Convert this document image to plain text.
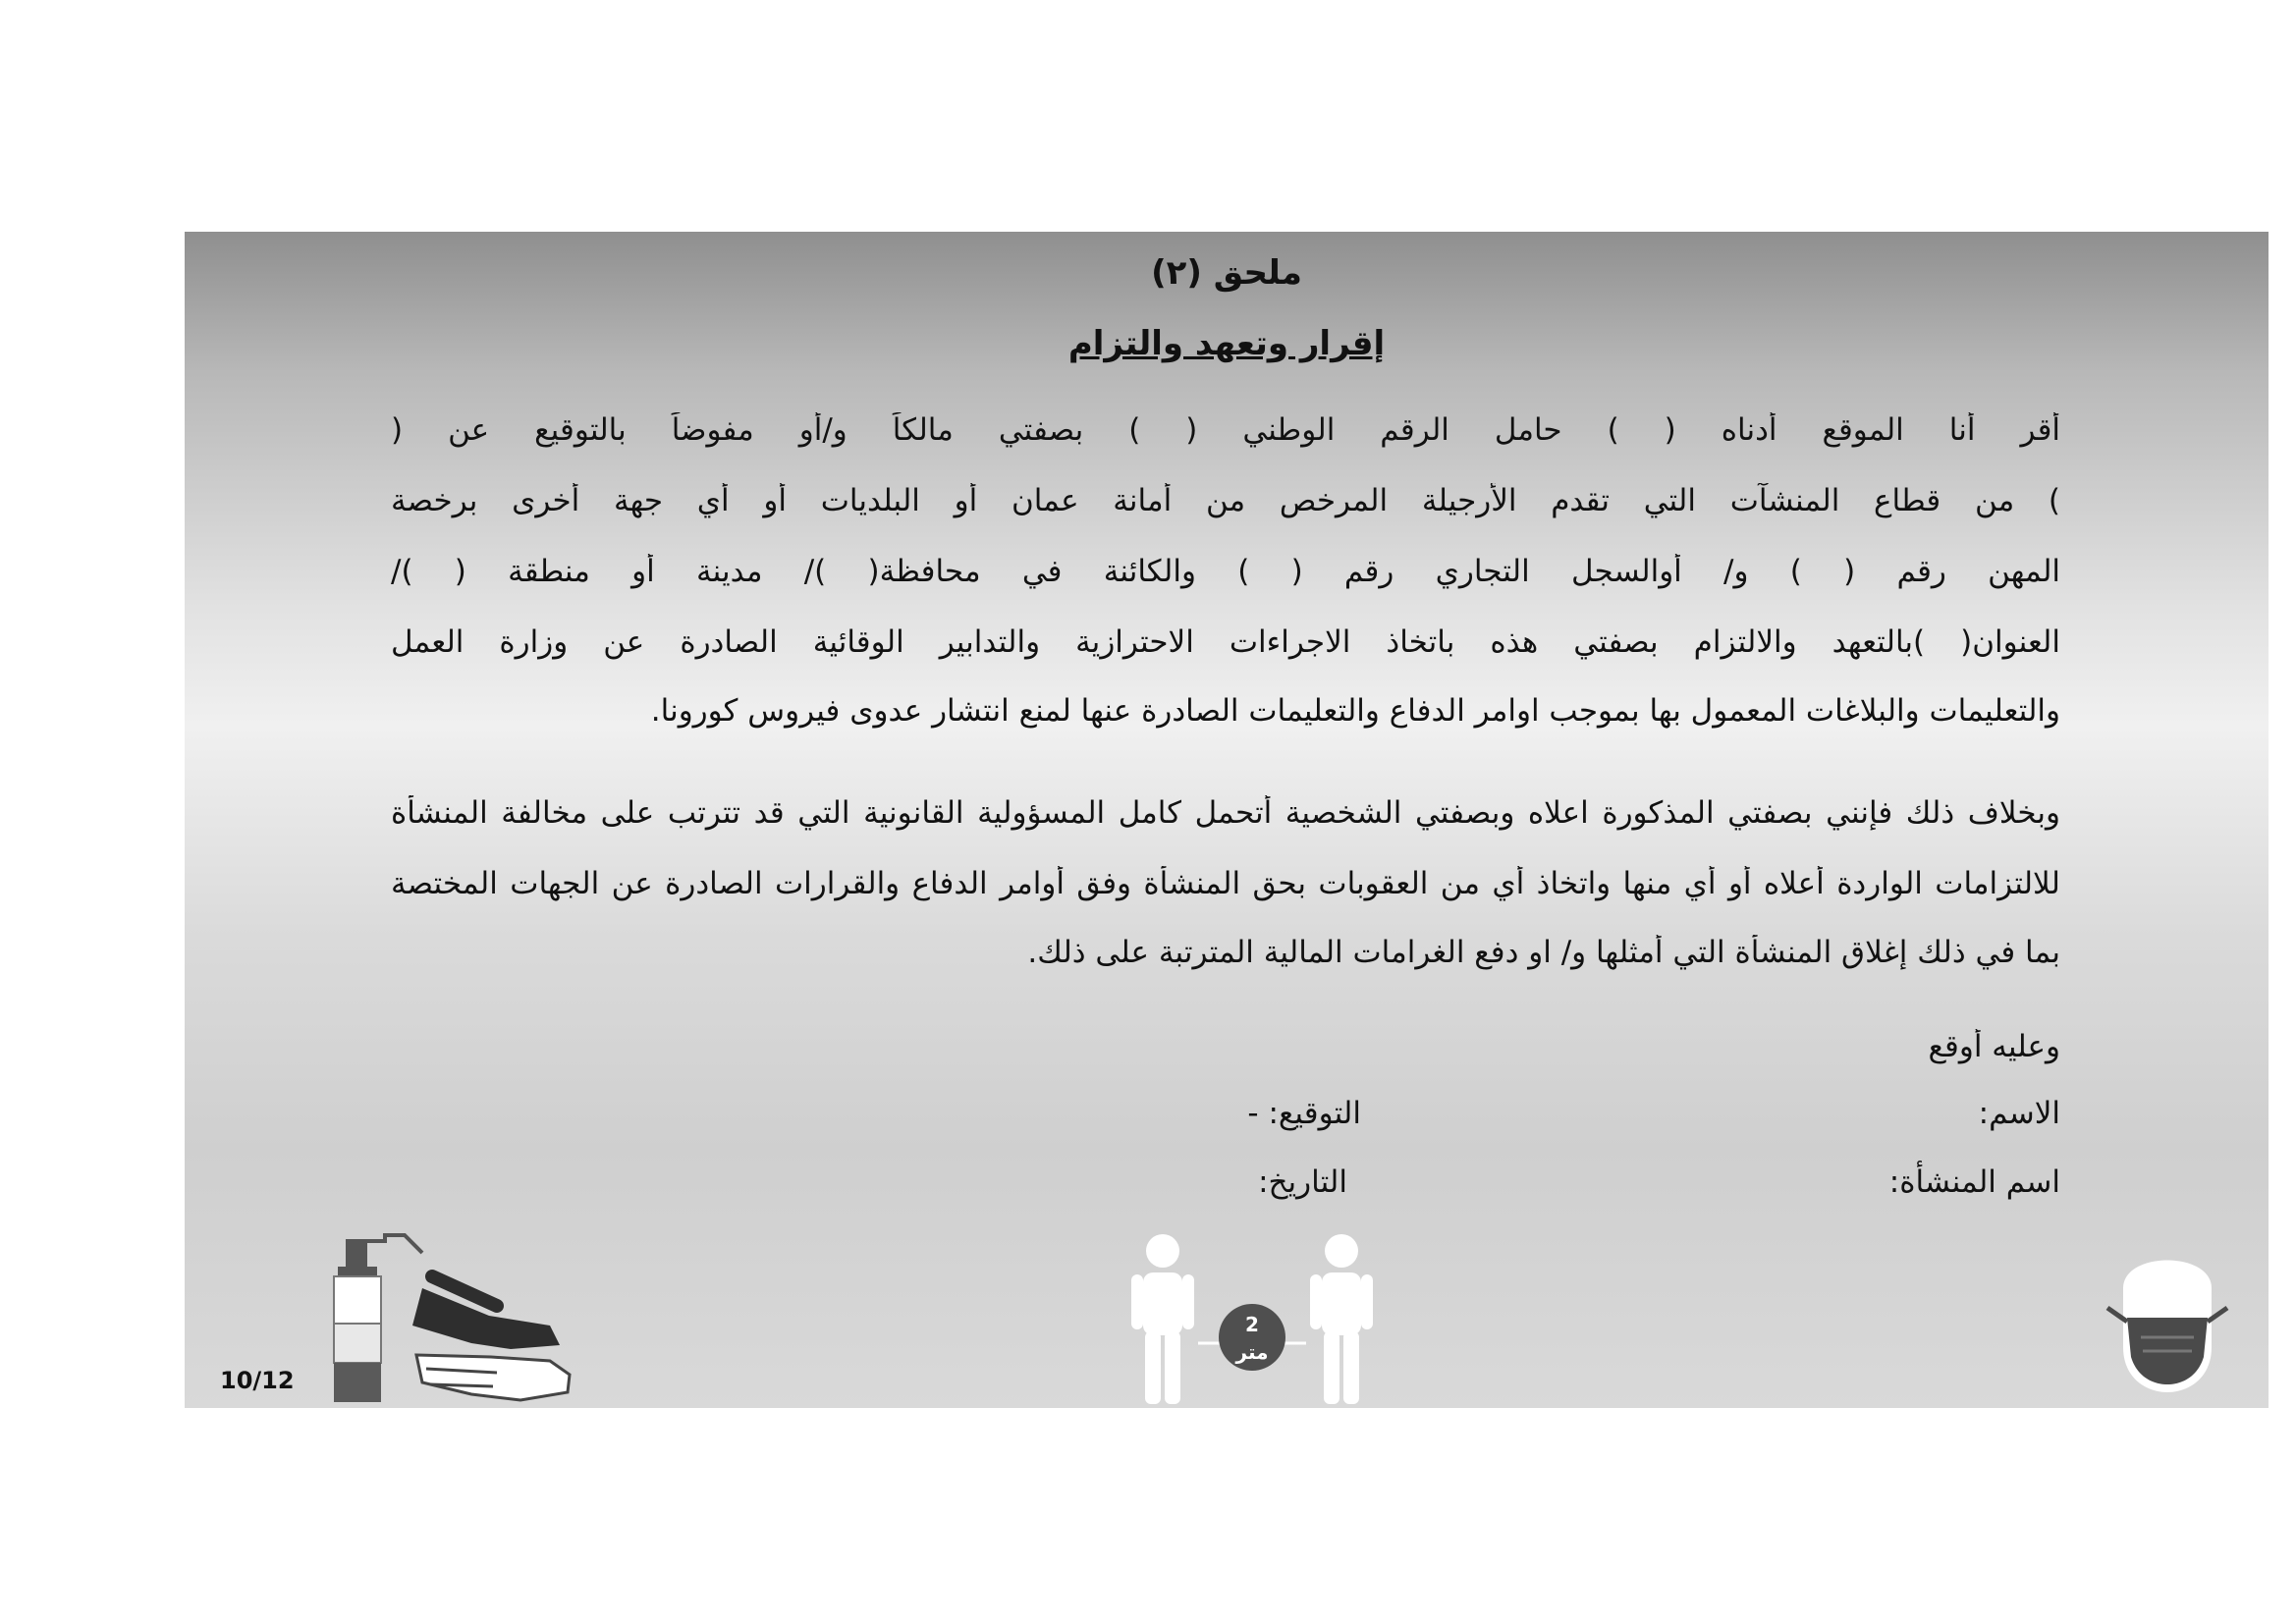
ملحق (٢)
إقرار وتعهد والتزام
أقر أنا الموقع أدناه ( ) حامل الرقم الوطني ( ) بصفتي مالكاً و/أو مفوضاً بالتوقيع عن (
) من قطاع المنشآت التي تقدم الأرجيلة المرخص من أمانة عمان أو البلديات أو أي جهة أخرى برخصة
المهن رقم ( ) و/ أوالسجل التجاري رقم ( ) والكائنة في محافظة( )/ مدينة أو منطقة ( )/
العنوان( )بالتعهد والالتزام بصفتي هذه باتخاذ الاجراءات الاحترازية والتدابير الوقائية الصادرة عن وزارة العمل
والتعليمات والبلاغات المعمول بها بموجب اوامر الدفاع والتعليمات الصادرة عنها لمنع انتشار عدوى فيروس كورونا.
وبخلاف ذلك فإنني بصفتي المذكورة اعلاه وبصفتي الشخصية أتحمل كامل المسؤولية القانونية التي قد تترتب على مخالفة المنشأة
للالتزامات الواردة أعلاه أو أي منها واتخاذ أي من العقوبات بحق المنشأة وفق أوامر الدفاع والقرارات الصادرة عن الجهات المختصة
بما في ذلك إغلاق المنشأة التي أمثلها و/ او دفع الغرامات المالية المترتبة على ذلك.
وعليه أوقع
الاسم:
التوقيع: -
اسم المنشأة:
التاريخ:
10/12
2
متر
